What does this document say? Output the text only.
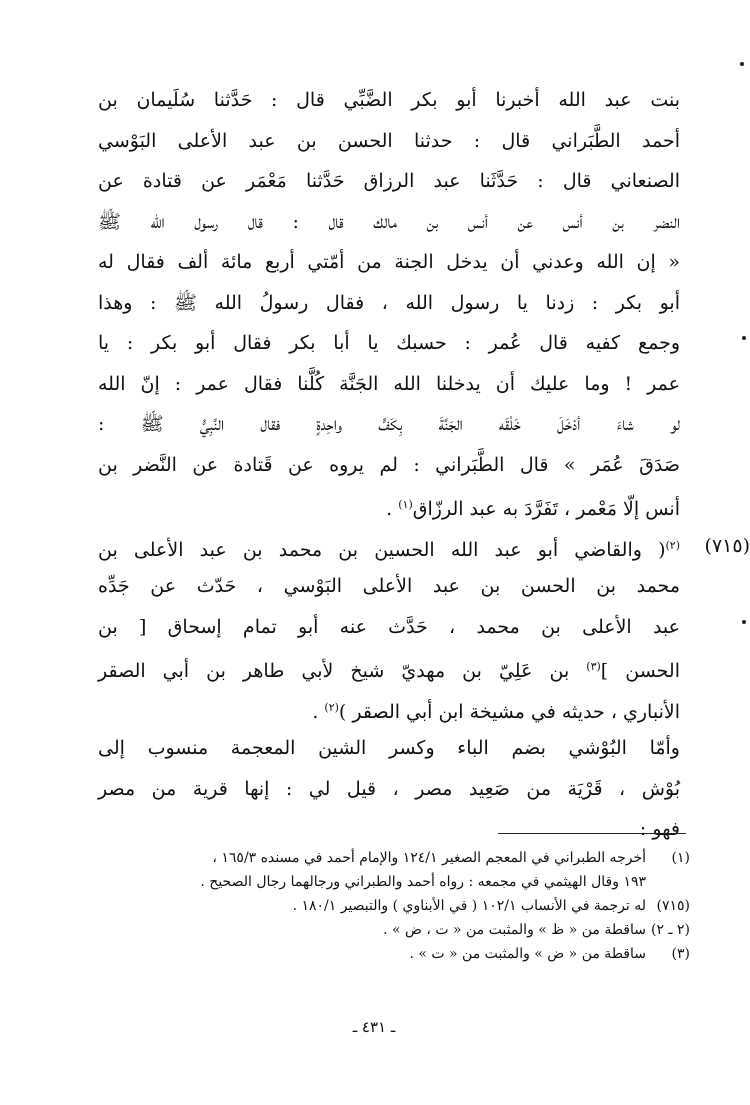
بنت عبد الله أخبرنا أبو بكر الضَّبِّي قال : حَدَّثنا سُلَيمان بن
أحمد الطَّبَراني قال : حدثنا الحسن بن عبد الأعلى البَوْسي
الصنعاني قال : حَدَّثَنا عبد الرزاق حَدَّثنا مَعْمَر عن قتادة عن
النضر بن أنس عن أنس بن مالك قال : قال رسول الله ﷺ
« إن الله وعدني أن يدخل الجنة من أمّتي أربع مائة ألف فقال له
أبو بكر : زدنا يا رسول الله ، فقال رسولُ الله ﷺ : وهذا
وجمع كفيه قال عُمر : حسبك يا أبا بكر فقال أبو بكر : يا
عمر ! وما عليك أن يدخلنا الله الجَنَّة كُلَّنا فقال عمر : إنّ الله
لو شاءَ أدْخَلَ خَلْقَه الجَنَّةَ بِكَفٍّ واحِدةٍ فقال النَّبِيُّ ﷺ :
صَدَقَ عُمَر » قال الطَّبَراني : لم يروه عن قَتادة عن النَّضر بن
أنس إلّا مَعْمر ، تَفَرَّدَ به عبد الرزّاق$^{(١)}$ .
(٧١٥)
$^{(٢)}$( والقاضي أبو عبد الله الحسين بن محمد بن عبد الأعلى بن
محمد بن الحسن بن عبد الأعلى البَوْسي ، حَدّث عن جَدِّه
عبد الأعلى بن محمد ، حَدَّث عنه أبو تمام إسحاق [ بن
الحسن ]$^{(٣)}$ بن عَلِيّ بن مهديّ شيخ لأبي طاهر بن أبي الصقر
الأنباري ، حديثه في مشيخة ابن أبي الصقر )$^{(٢)}$ .
وأمّا البُوْشي بضم الباء وكسر الشين المعجمة منسوب إلى
بُوْش ، قَرْيَة من صَعِيد مصر ، قيل لي : إنها قرية من مصر
فهو :
(١)
أخرجه الطبراني في المعجم الصغير ١٢٤/١ والإمام أحمد في مسنده ١٦٥/٣ ،
١٩٣ وقال الهيثمي في مجمعه : رواه أحمد والطبراني ورجالهما رجال الصحيح .
(٧١٥)
له ترجمة في الأنساب ١٠٢/١ ( في الأبناوي ) والتبصير ١٨٠/١ .
(٢ ـ ٢)
ساقطة من « ظ » والمثبت من « ت ، ض » .
(٣)
ساقطة من « ض » والمثبت من « ت » .
ـ ٤٣١ ـ
